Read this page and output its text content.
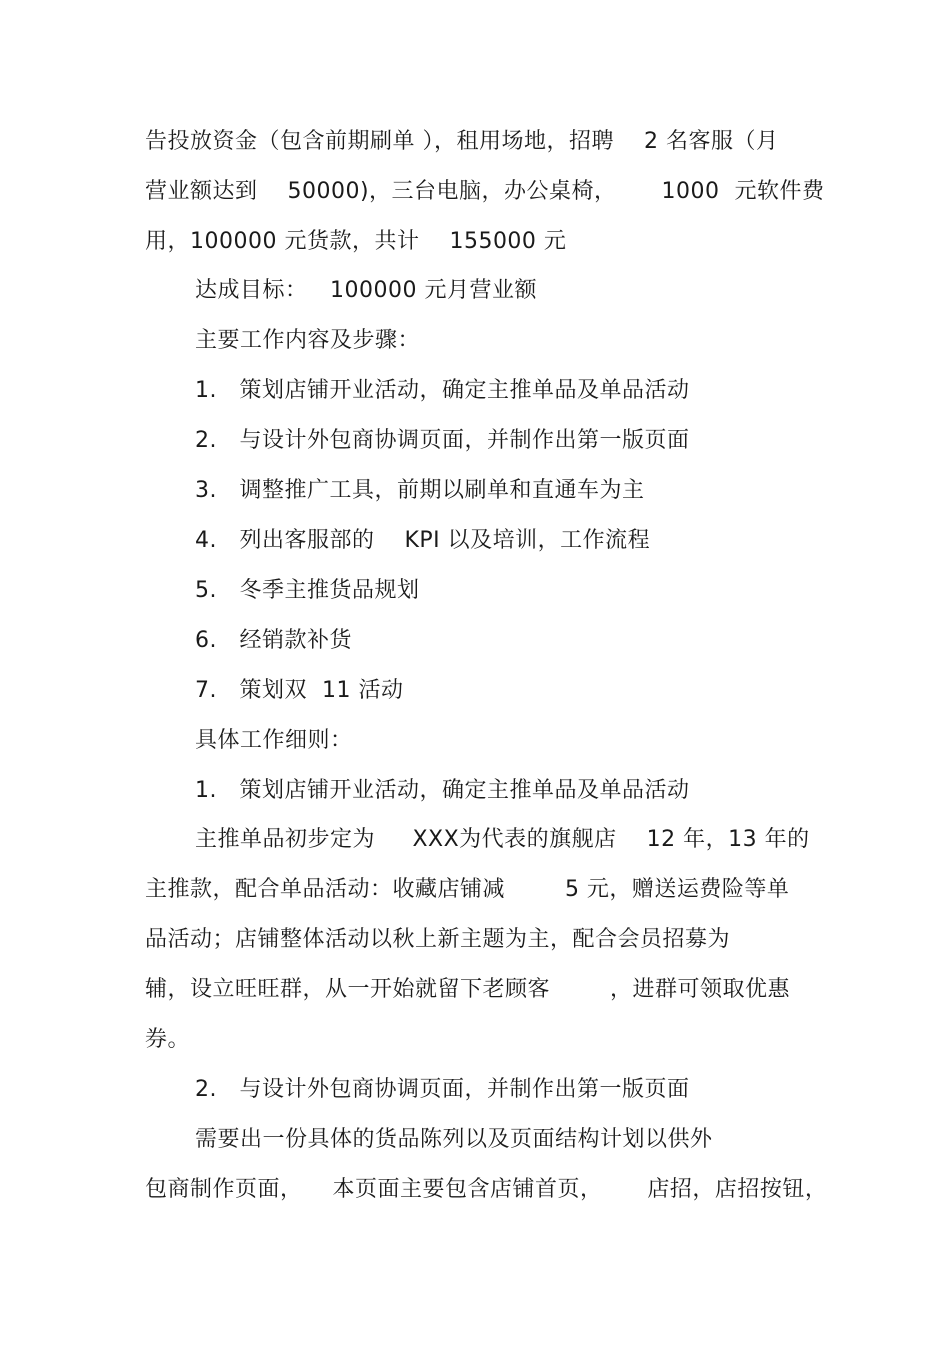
告投放资金（包含前期刷单 ），租用场地，招聘    2 名客服（月
营业额达到    50000)，三台电脑，办公桌椅，      1000  元软件费
用，100000 元货款，共计    155000 元
达成目标：   100000 元月营业额
主要工作内容及步骤：
1.   策划店铺开业活动，确定主推单品及单品活动
2.   与设计外包商协调页面，并制作出第一版页面
3.   调整推广工具，前期以刷单和直通车为主
4.   列出客服部的    KPI 以及培训，工作流程
5.   冬季主推货品规划
6.   经销款补货
7.   策划双  11 活动
具体工作细则：
1.   策划店铺开业活动，确定主推单品及单品活动
主推单品初步定为     XXX为代表的旗舰店    12 年，13 年的
主推款，配合单品活动：收藏店铺减        5 元，赠送运费险等单
品活动；店铺整体活动以秋上新主题为主，配合会员招募为
辅，设立旺旺群，从一开始就留下老顾客        ，进群可领取优惠
券。
2.   与设计外包商协调页面，并制作出第一版页面
需要出一份具体的货品陈列以及页面结构计划以供外
包商制作页面，    本页面主要包含店铺首页，      店招，店招按钮，
